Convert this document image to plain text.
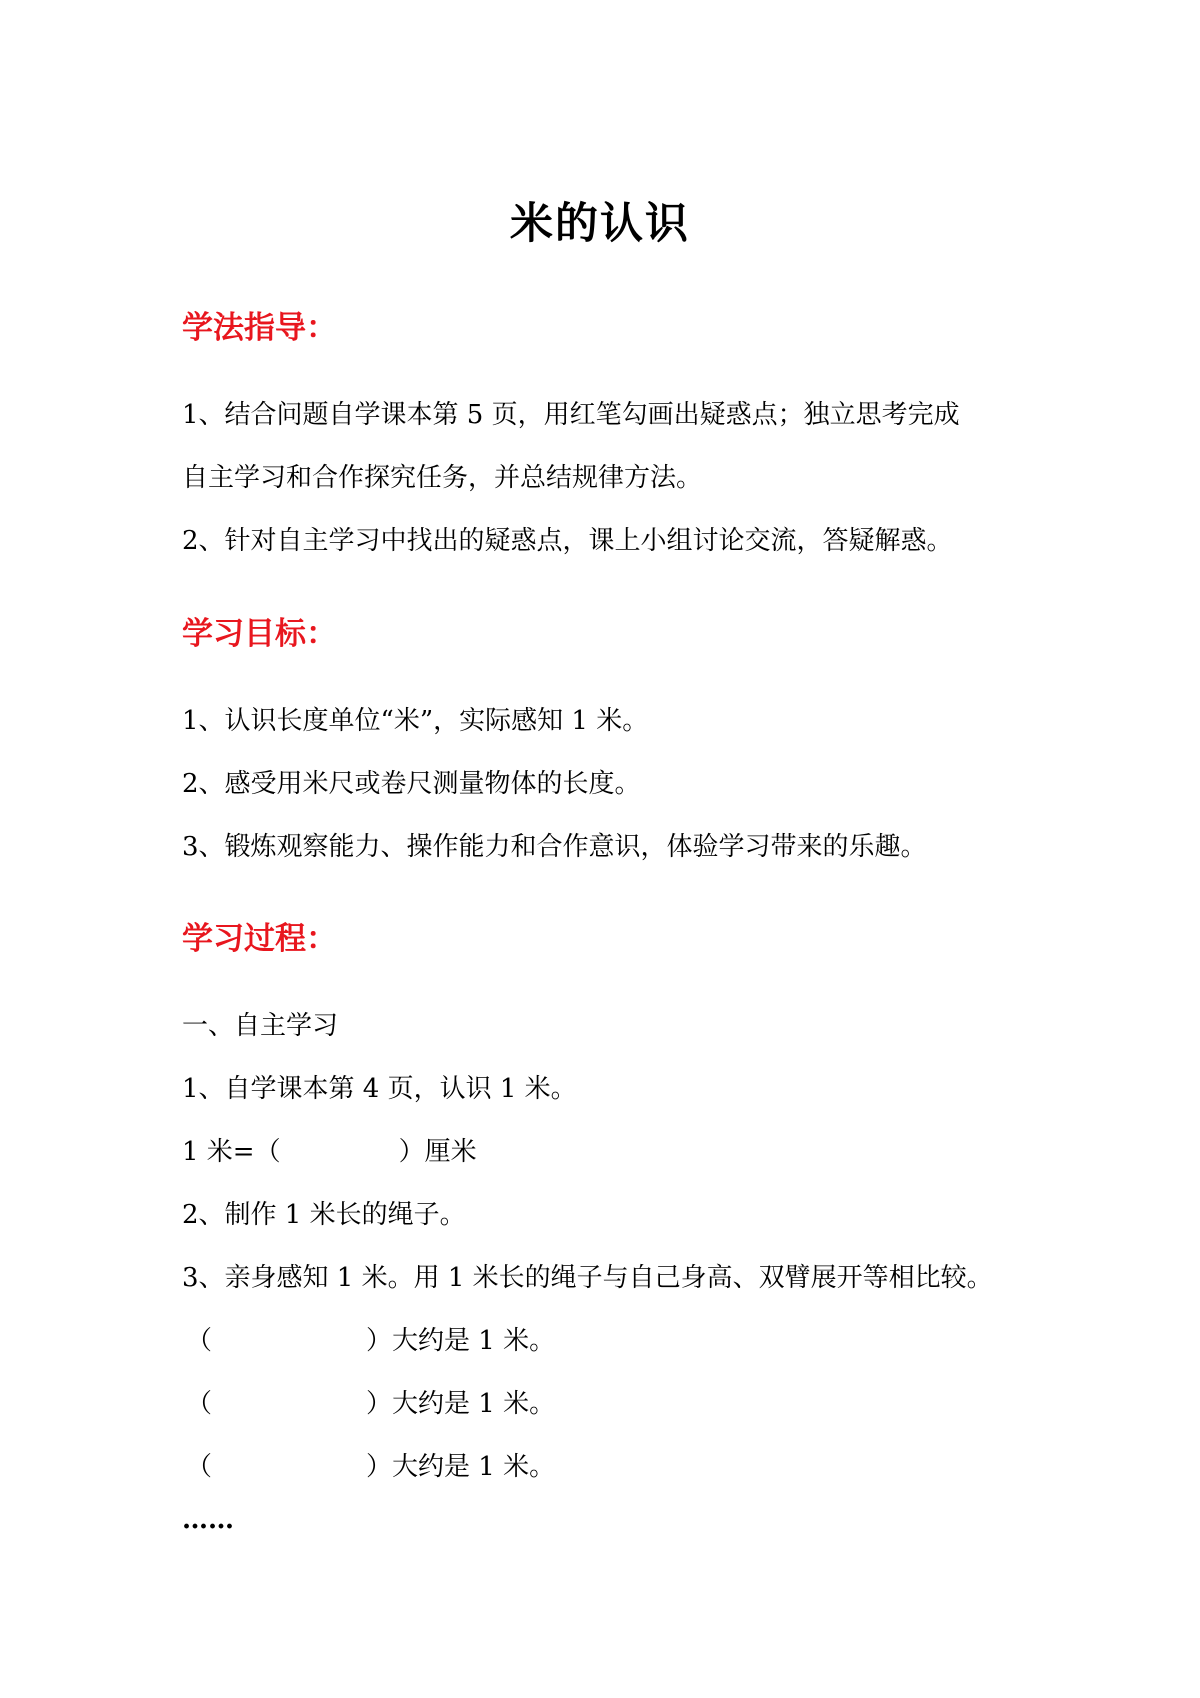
米的认识
学法指导：
1、结合问题自学课本第 5 页，用红笔勾画出疑惑点；独立思考完成
自主学习和合作探究任务，并总结规律方法。
2、针对自主学习中找出的疑惑点，课上小组讨论交流，答疑解惑。
学习目标：
1、认识长度单位“米”，实际感知 1 米。
2、感受用米尺或卷尺测量物体的长度。
3、锻炼观察能力、操作能力和合作意识，体验学习带来的乐趣。
学习过程：
一、自主学习
1、自学课本第 4 页，认识 1 米。
1 米=（	）厘米
2、制作 1 米长的绳子。
3、亲身感知 1 米。用 1 米长的绳子与自己身高、双臂展开等相比较。
（	）大约是 1 米。
（	）大约是 1 米。
（	）大约是 1 米。
……
